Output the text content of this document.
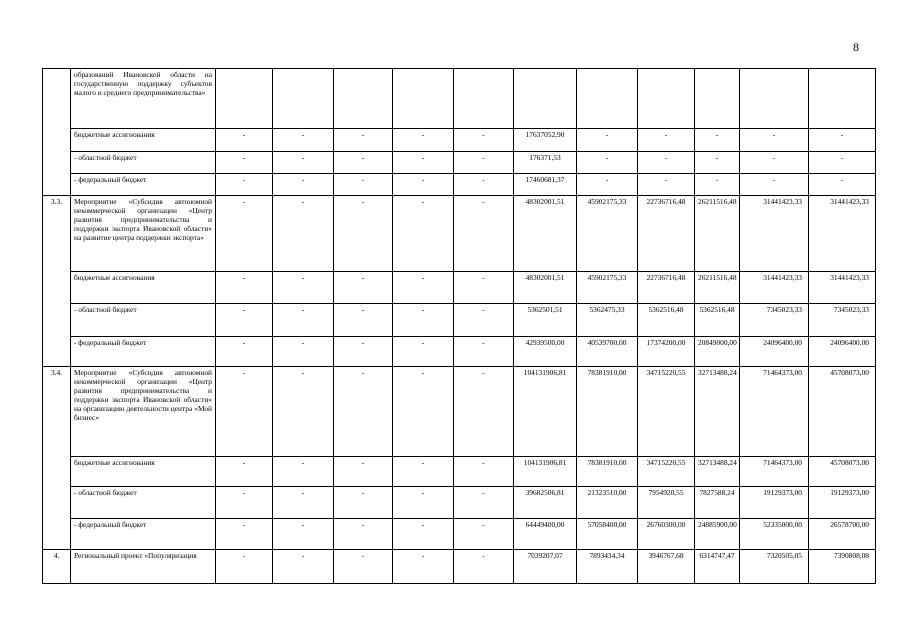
8
	образований Ивановской области на государственную поддержку субъектов малого и среднего предпринимательства»											
	бюджетные ассигнования	-	-	-	-	-	17637052,90	-	-	-	-	-
	- областной бюджет	-	-	-	-	-	176371,53	-	-	-	-	-
	- федеральный бюджет	-	-	-	-	-	17460681,37	-	-	-	-	-
3.3.	Мероприятие «Субсидия автономной некоммерческой организации «Центр развития предпринимательства и поддержки экспорта Ивановской области» на развитие центра поддержки экспорта»	-	-	-	-	-	48302001,51	45902175,33	22736716,48	26211516,48	31441423,33	31441423,33
	бюджетные ассигнования	-	-	-	-	-	48302001,51	45902175,33	22736716,48	26211516,48	31441423,33	31441423,33
	- областной бюджет	-	-	-	-	-	5362501,51	5362475,33	5362516,48	5362516,48	7345023,33	7345023,33
	- федеральный бюджет	-	-	-	-	-	42939500,00	40539700,00	17374200,00	20849000,00	24096400,00	24096400,00
3.4.	Мероприятие «Субсидия автономной некоммерческой организации «Центр развития предпринимательства и поддержки экспорта Ивановской области» на организацию деятельности центра «Мой бизнес»	-	-	-	-	-	104131906,81	78381910,00	34715220,55	32713488,24	71464373,00	45708073,00
	бюджетные ассигнования	-	-	-	-	-	104131906,81	78381910,00	34715220,55	32713488,24	71464373,00	45708073,00
	- областной бюджет	-	-	-	-	-	39682506,81	21323510,00	7954920,55	7827588,24	19129373,00	19129373,00
	- федеральный бюджет	-	-	-	-	-	64449400,00	57058400,00	26760300,00	24885900,00	52335000,00	26578700,00
4.	Региональный проект «Популяризация	-	-	-	-	-	7039207,07	7893434,34	3946767,68	6314747,47	7320505,05	7390808,08
